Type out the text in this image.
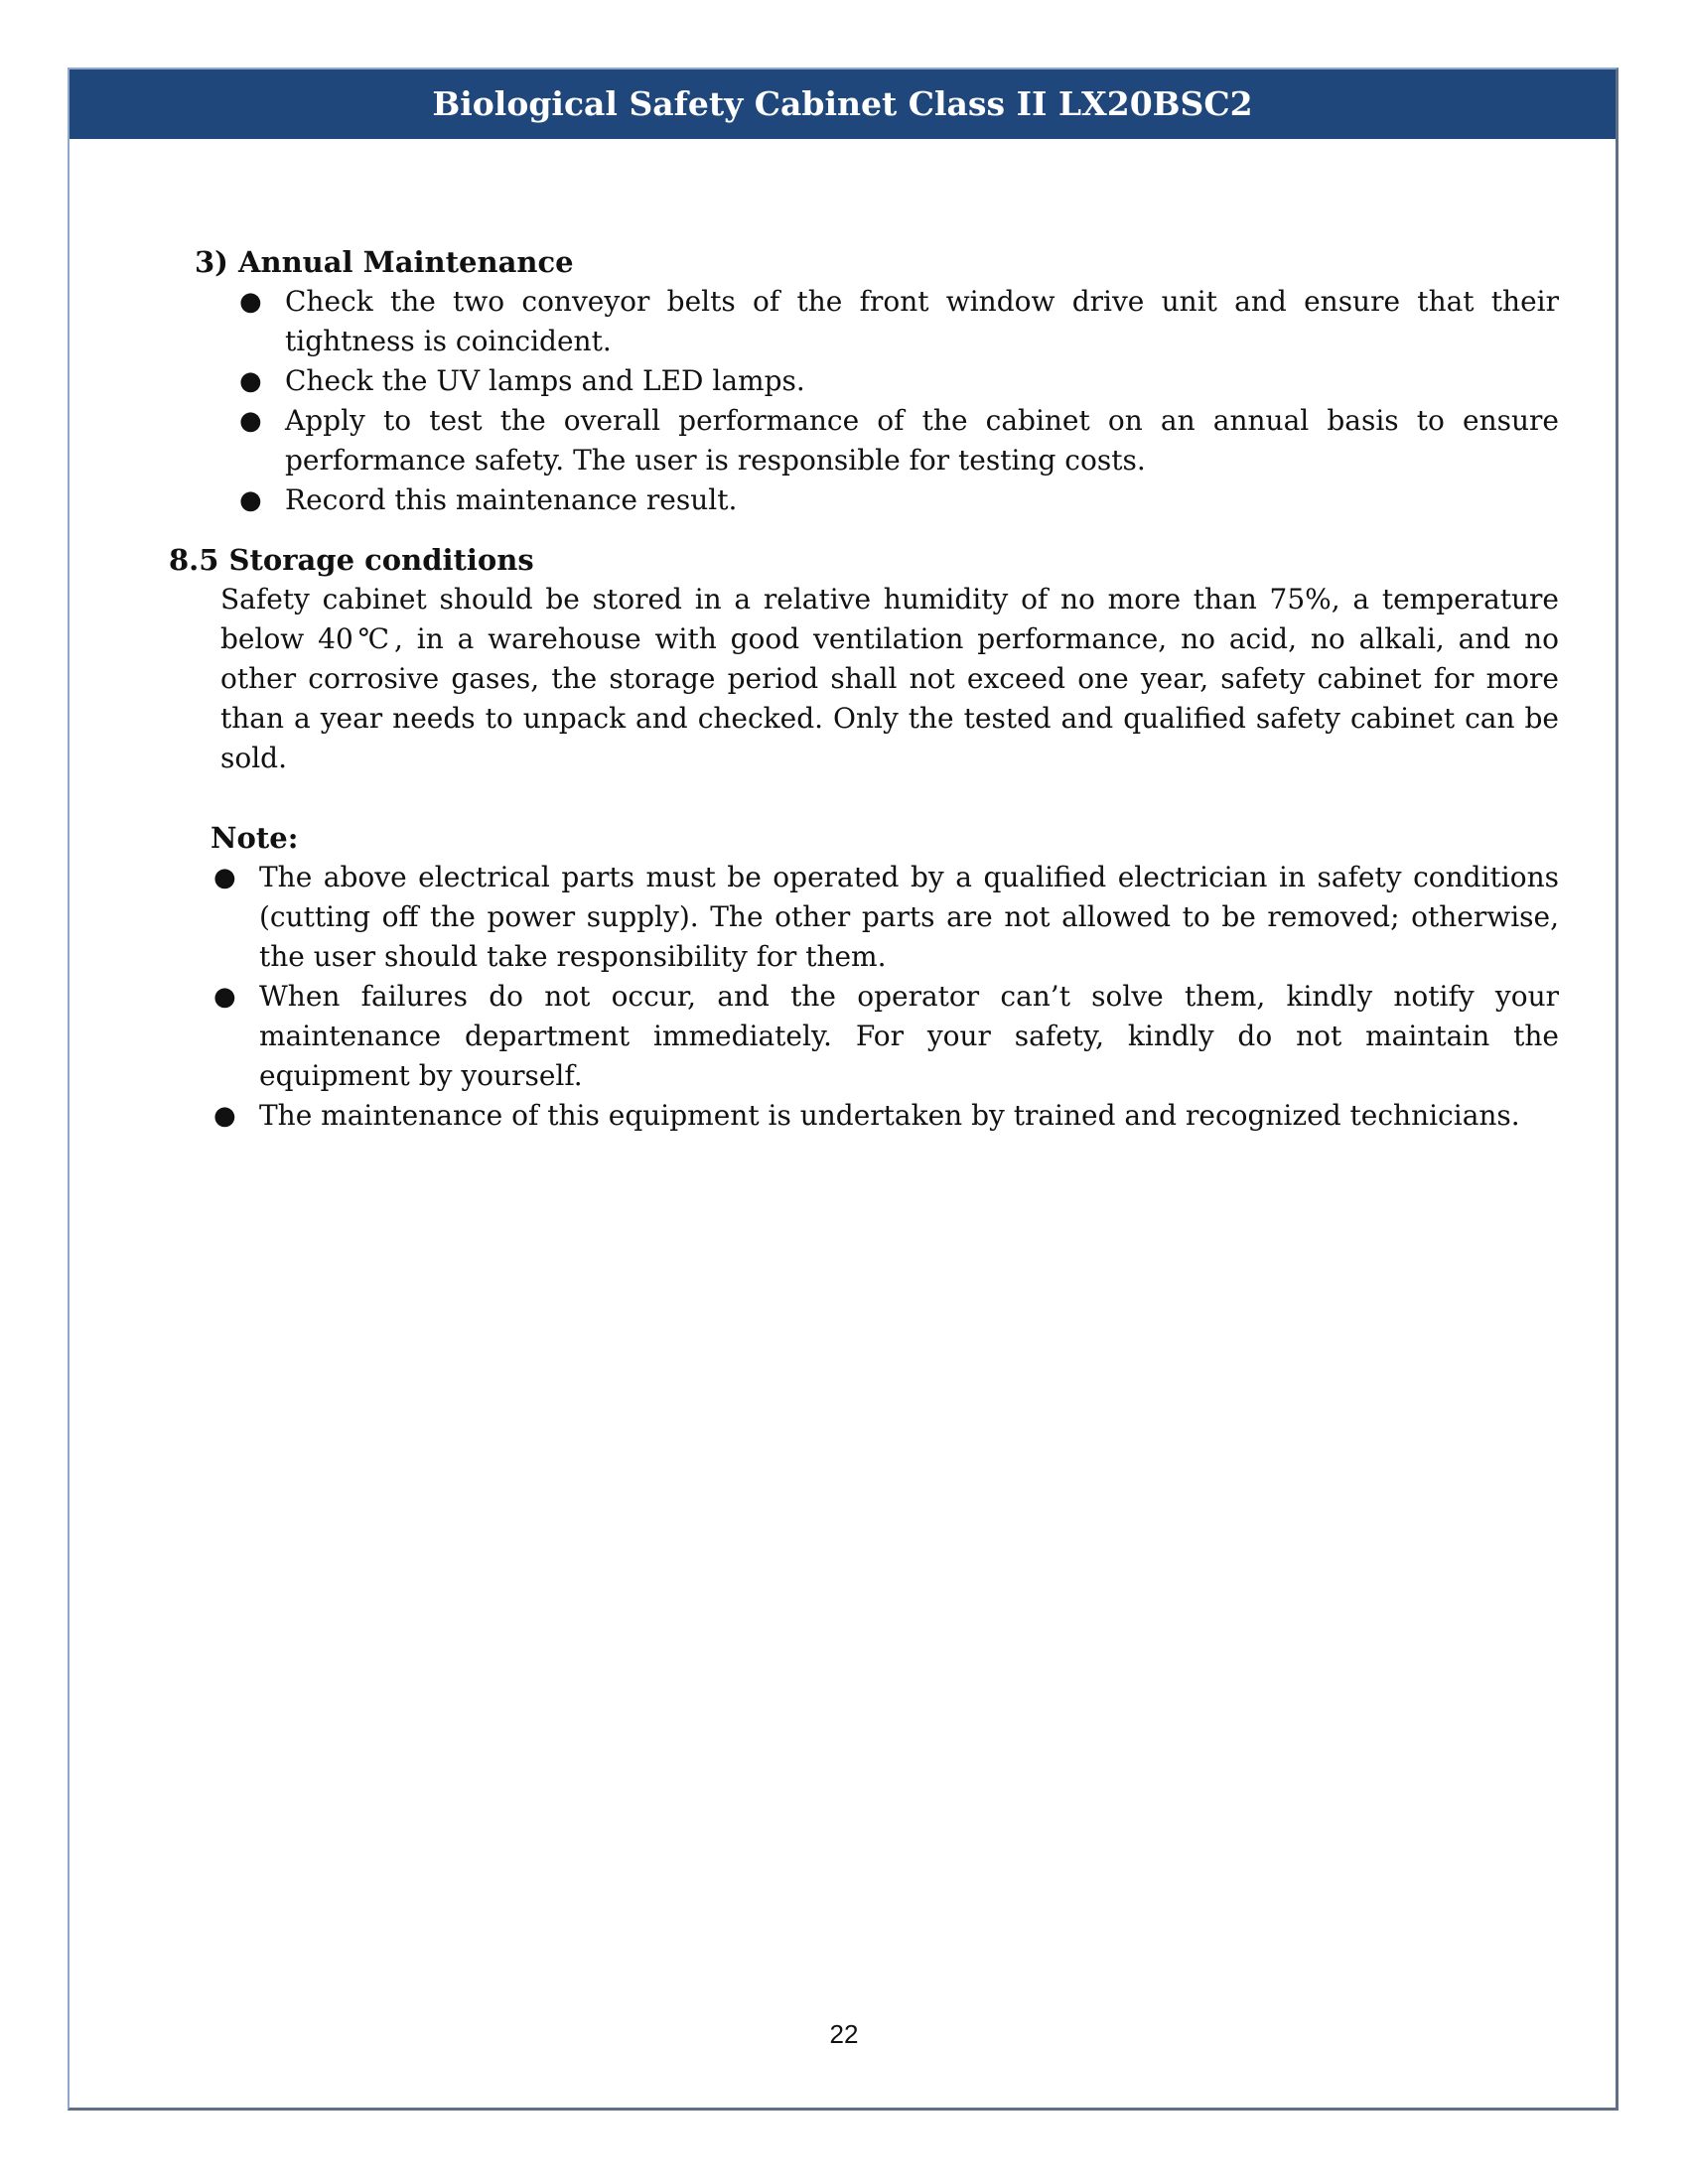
Biological Safety Cabinet Class II LX20BSC2
3) Annual Maintenance
● Check the two conveyor belts of the front window drive unit and ensure that their tightness is coincident.
● Check the UV lamps and LED lamps.
● Apply to test the overall performance of the cabinet on an annual basis to ensure performance safety. The user is responsible for testing costs.
● Record this maintenance result.
8.5 Storage conditions
Safety cabinet should be stored in a relative humidity of no more than 75%, a temperature below 40℃, in a warehouse with good ventilation performance, no acid, no alkali, and no other corrosive gases, the storage period shall not exceed one year, safety cabinet for more than a year needs to unpack and checked. Only the tested and qualified safety cabinet can be sold.
Note:
● The above electrical parts must be operated by a qualified electrician in safety conditions (cutting off the power supply). The other parts are not allowed to be removed; otherwise, the user should take responsibility for them.
● When failures do not occur, and the operator can’t solve them, kindly notify your maintenance department immediately. For your safety, kindly do not maintain the equipment by yourself.
● The maintenance of this equipment is undertaken by trained and recognized technicians.
22
